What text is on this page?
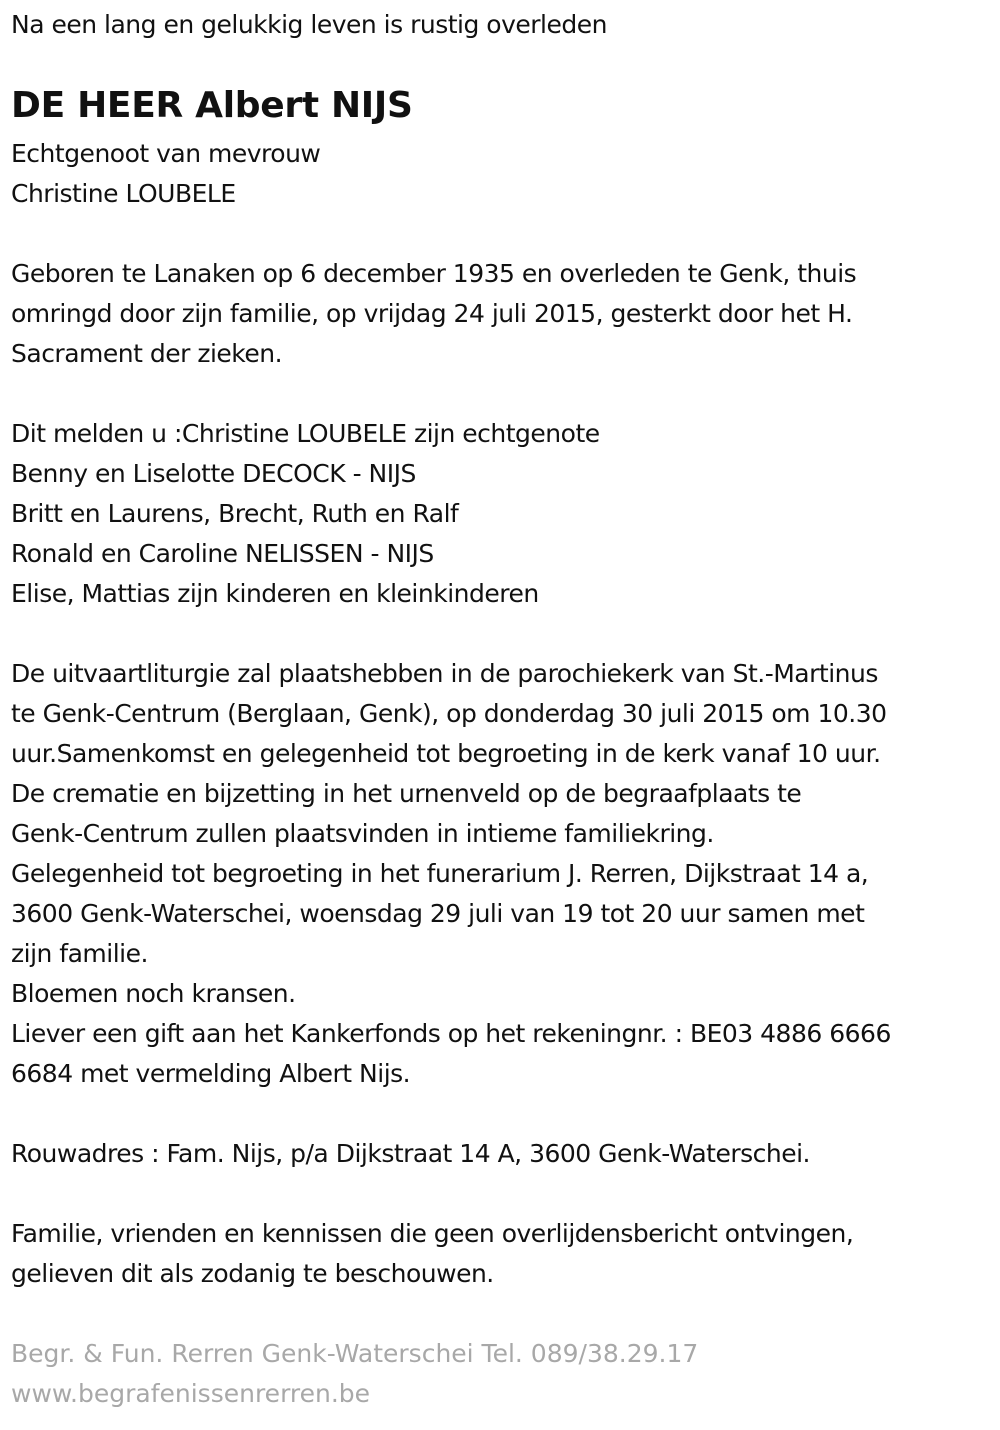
Na een lang en gelukkig leven is rustig overleden
DE HEER Albert NIJS
Echtgenoot van mevrouw
Christine LOUBELE
Geboren te Lanaken op 6 december 1935 en overleden te Genk, thuis
omringd door zijn familie, op vrijdag 24 juli 2015, gesterkt door het H.
Sacrament der zieken.
Dit melden u :Christine LOUBELE zijn echtgenote
Benny en Liselotte DECOCK - NIJS
Britt en Laurens, Brecht, Ruth en Ralf
Ronald en Caroline NELISSEN - NIJS
Elise, Mattias zijn kinderen en kleinkinderen
De uitvaartliturgie zal plaatshebben in de parochiekerk van St.-Martinus
te Genk-Centrum (Berglaan, Genk), op donderdag 30 juli 2015 om 10.30
uur.Samenkomst en gelegenheid tot begroeting in de kerk vanaf 10 uur.
De crematie en bijzetting in het urnenveld op de begraafplaats te
Genk-Centrum zullen plaatsvinden in intieme familiekring.
Gelegenheid tot begroeting in het funerarium J. Rerren, Dijkstraat 14 a,
3600 Genk-Waterschei, woensdag 29 juli van 19 tot 20 uur samen met
zijn familie.
Bloemen noch kransen.
Liever een gift aan het Kankerfonds op het rekeningnr. : BE03 4886 6666
6684 met vermelding Albert Nijs.
Rouwadres : Fam. Nijs, p/a Dijkstraat 14 A, 3600 Genk-Waterschei.
Familie, vrienden en kennissen die geen overlijdensbericht ontvingen,
gelieven dit als zodanig te beschouwen.
Begr. & Fun. Rerren Genk-Waterschei Tel. 089/38.29.17
www.begrafenissenrerren.be
